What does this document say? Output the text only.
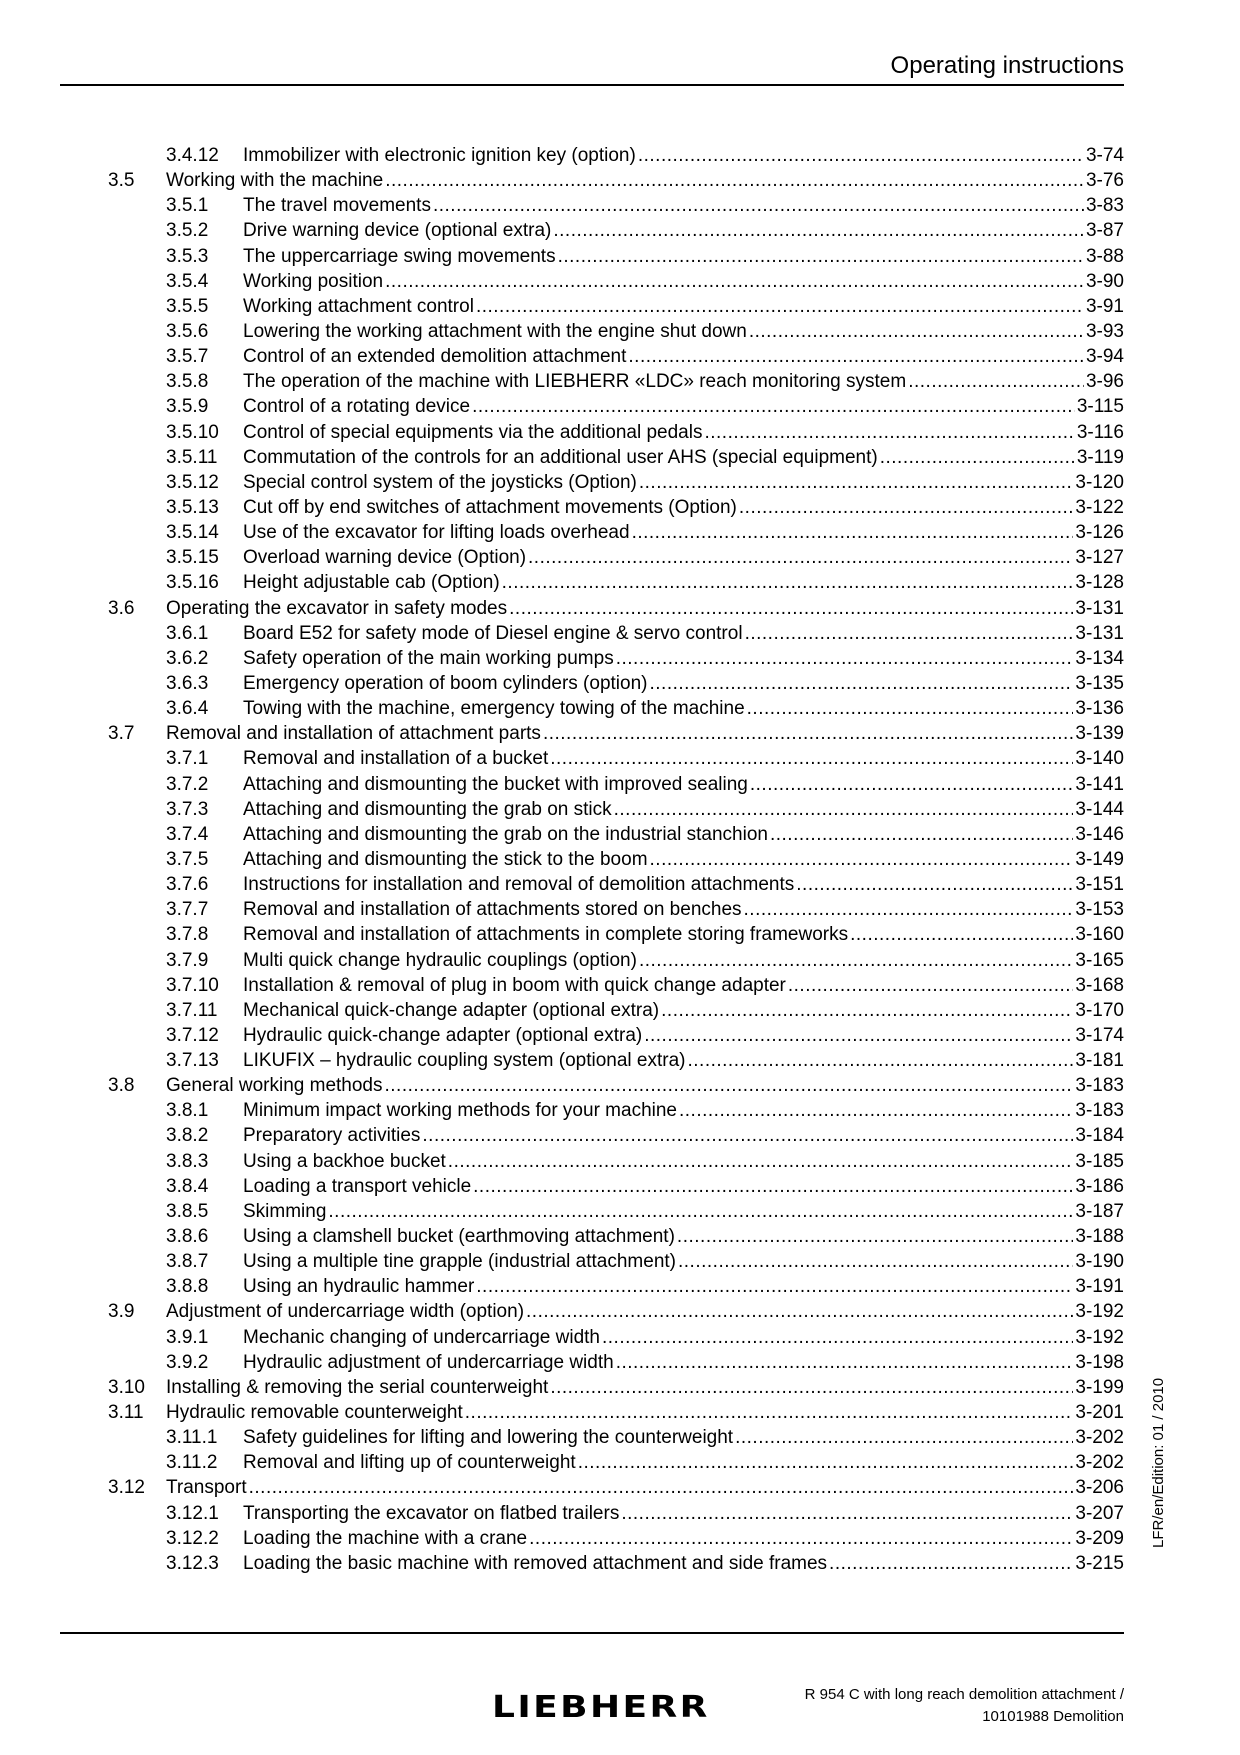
Operating instructions
3.4.12	Immobilizer with electronic ignition key (option) .....	3-74
3.5	Working with the machine .....	3-76
3.5.1	The travel movements .....	3-83
3.5.2	Drive warning device (optional extra) .....	3-87
3.5.3	The uppercarriage swing movements .....	3-88
3.5.4	Working position .....	3-90
3.5.5	Working attachment control .....	3-91
3.5.6	Lowering the working attachment with the engine shut down .....	3-93
3.5.7	Control of an extended demolition attachment .....	3-94
3.5.8	The operation of the machine with LIEBHERR «LDC» reach monitoring system .....	3-96
3.5.9	Control of a rotating device .....	3-115
3.5.10	Control of special equipments via the additional pedals .....	3-116
3.5.11	Commutation of the controls for an additional user AHS (special equipment) .....	3-119
3.5.12	Special control system of the joysticks (Option) .....	3-120
3.5.13	Cut off by end switches of attachment movements (Option) .....	3-122
3.5.14	Use of the excavator for lifting loads overhead .....	3-126
3.5.15	Overload warning device (Option) .....	3-127
3.5.16	Height adjustable cab (Option) .....	3-128
3.6	Operating the excavator in safety modes .....	3-131
3.6.1	Board E52 for safety mode of Diesel engine & servo control .....	3-131
3.6.2	Safety operation of the main working pumps .....	3-134
3.6.3	Emergency operation of boom cylinders (option) .....	3-135
3.6.4	Towing with the machine, emergency towing of the machine .....	3-136
3.7	Removal and installation of attachment parts .....	3-139
3.7.1	Removal and installation of a bucket .....	3-140
3.7.2	Attaching and dismounting the bucket with improved sealing .....	3-141
3.7.3	Attaching and dismounting the grab on stick .....	3-144
3.7.4	Attaching and dismounting the grab on the industrial stanchion .....	3-146
3.7.5	Attaching and dismounting the stick to the boom .....	3-149
3.7.6	Instructions for installation and removal of demolition attachments .....	3-151
3.7.7	Removal and installation of attachments stored on benches .....	3-153
3.7.8	Removal and installation of attachments in complete storing frameworks .....	3-160
3.7.9	Multi quick change hydraulic couplings (option) .....	3-165
3.7.10	Installation & removal of plug in boom with quick change adapter .....	3-168
3.7.11	Mechanical quick-change adapter (optional extra) .....	3-170
3.7.12	Hydraulic quick-change adapter (optional extra) .....	3-174
3.7.13	LIKUFIX – hydraulic coupling system (optional extra) .....	3-181
3.8	General working methods .....	3-183
3.8.1	Minimum impact working methods for your machine .....	3-183
3.8.2	Preparatory activities .....	3-184
3.8.3	Using a backhoe bucket .....	3-185
3.8.4	Loading a transport vehicle .....	3-186
3.8.5	Skimming .....	3-187
3.8.6	Using a clamshell bucket (earthmoving attachment) .....	3-188
3.8.7	Using a multiple tine grapple (industrial attachment) .....	3-190
3.8.8	Using an hydraulic hammer .....	3-191
3.9	Adjustment of undercarriage width (option) .....	3-192
3.9.1	Mechanic changing of undercarriage width .....	3-192
3.9.2	Hydraulic adjustment of undercarriage width .....	3-198
3.10	Installing & removing the serial counterweight .....	3-199
3.11	Hydraulic removable counterweight .....	3-201
3.11.1	Safety guidelines for lifting and lowering the counterweight .....	3-202
3.11.2	Removal and lifting up of counterweight .....	3-202
3.12	Transport .....	3-206
3.12.1	Transporting the excavator on flatbed trailers .....	3-207
3.12.2	Loading the machine with a crane .....	3-209
3.12.3	Loading the basic machine with removed attachment and side frames .....	3-215
LFR/en/Edition: 01 / 2010
LIEBHERR	R 954 C with long reach demolition attachment /
10101988 Demolition
